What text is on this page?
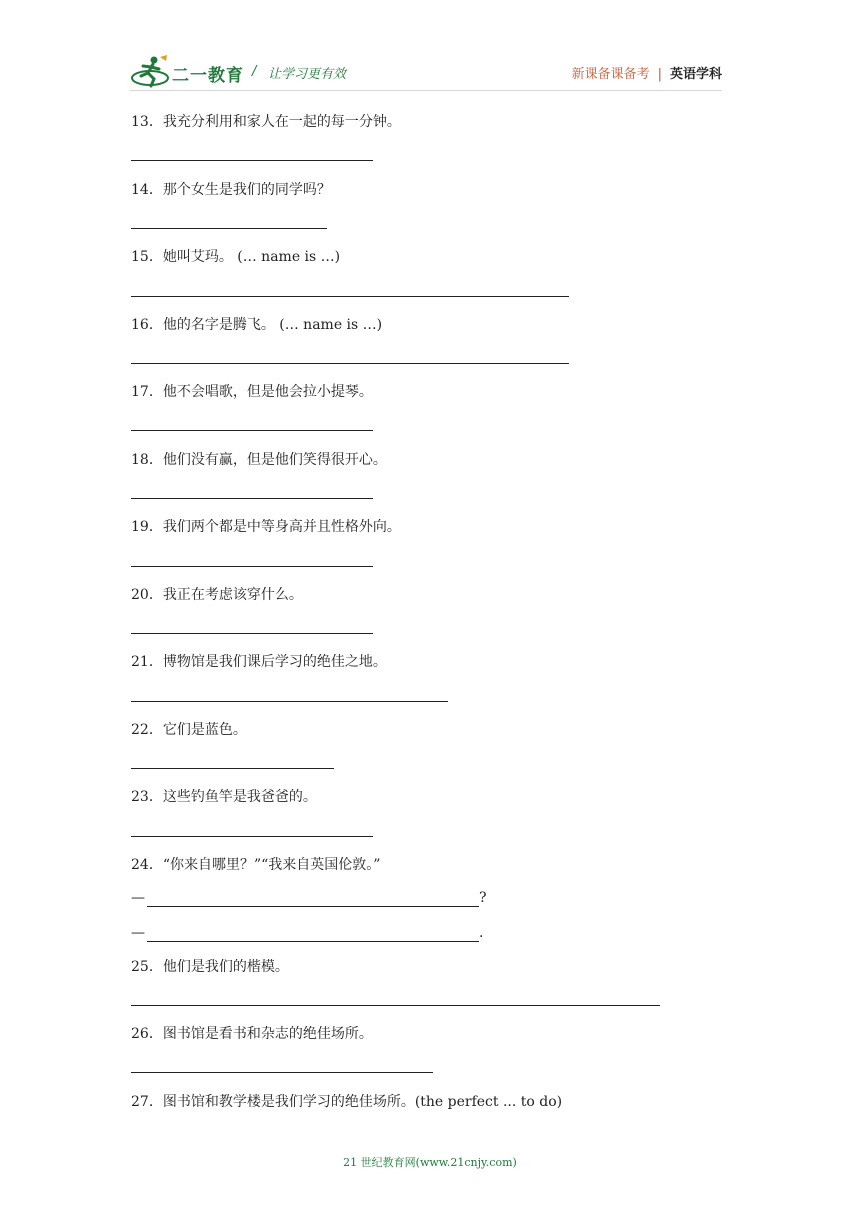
二一教育 / 让学习更有效	新课备课备考 | 英语学科
13．我充分利用和家人在一起的每一分钟。
14．那个女生是我们的同学吗？
15．她叫艾玛。 (… name is …)
16．他的名字是腾飞。 (… name is …)
17．他不会唱歌，但是他会拉小提琴。
18．他们没有赢，但是他们笑得很开心。
19．我们两个都是中等身高并且性格外向。
20．我正在考虑该穿什么。
21．博物馆是我们课后学习的绝佳之地。
22．它们是蓝色。
23．这些钓鱼竿是我爸爸的。
24．“你来自哪里？”“我来自英国伦敦。”
—	?
—	.
25．他们是我们的楷模。
26．图书馆是看书和杂志的绝佳场所。
27．图书馆和教学楼是我们学习的绝佳场所。(the perfect ... to do)
21 世纪教育网(www.21cnjy.com)
